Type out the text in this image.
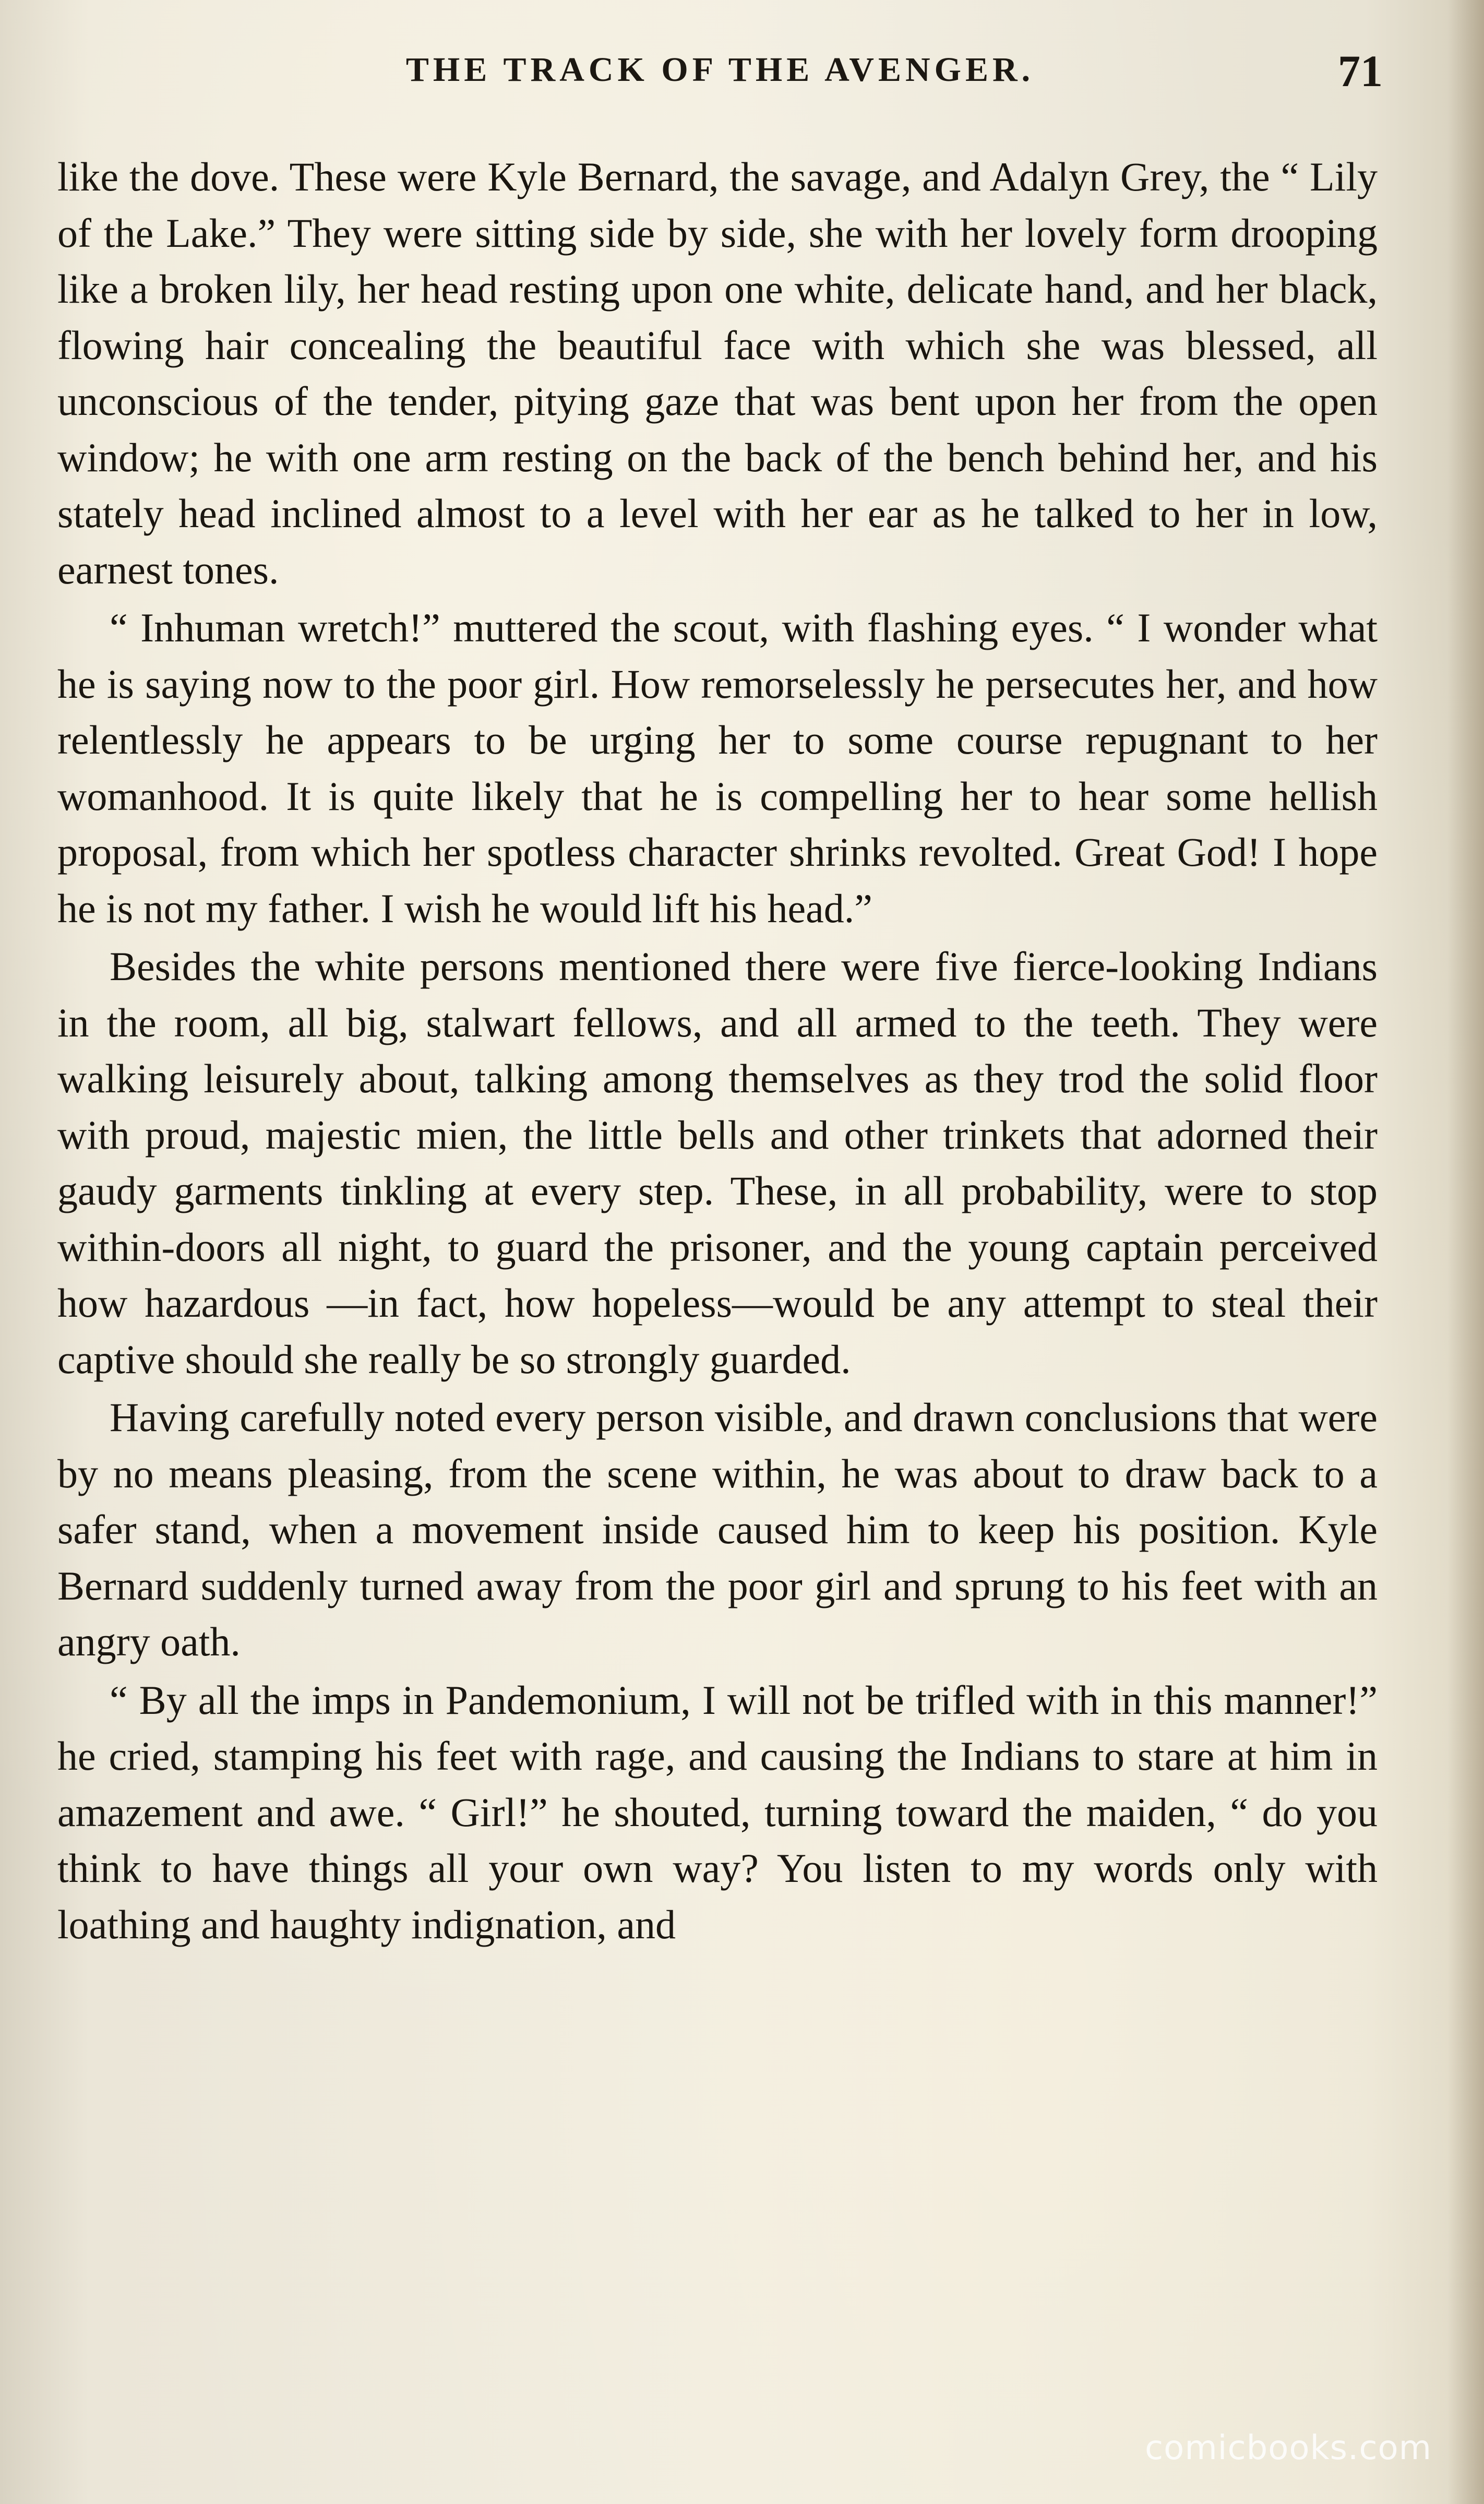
THE TRACK OF THE AVENGER.	71

like the dove. These were Kyle Bernard, the savage, and Adalyn Grey, the “ Lily of the Lake.” They were sitting side by side, she with her lovely form drooping like a broken lily, her head resting upon one white, delicate hand, and her black, flowing hair concealing the beautiful face with which she was blessed, all unconscious of the tender, pitying gaze that was bent upon her from the open window; he with one arm resting on the back of the bench behind her, and his stately head inclined almost to a level with her ear as he talked to her in low, earnest tones.

“ Inhuman wretch!” muttered the scout, with flashing eyes. “ I wonder what he is saying now to the poor girl. How remorselessly he persecutes her, and how relentlessly he appears to be urging her to some course repugnant to her womanhood. It is quite likely that he is compelling her to hear some hellish proposal, from which her spotless character shrinks revolted. Great God! I hope he is not my father. I wish he would lift his head.”

Besides the white persons mentioned there were five fierce-looking Indians in the room, all big, stalwart fellows, and all armed to the teeth. They were walking leisurely about, talking among themselves as they trod the solid floor with proud, majestic mien, the little bells and other trinkets that adorned their gaudy garments tinkling at every step. These, in all probability, were to stop within-doors all night, to guard the prisoner, and the young captain perceived how hazardous —in fact, how hopeless—would be any attempt to steal their captive should she really be so strongly guarded.

Having carefully noted every person visible, and drawn conclusions that were by no means pleasing, from the scene within, he was about to draw back to a safer stand, when a movement inside caused him to keep his position. Kyle Bernard suddenly turned away from the poor girl and sprung to his feet with an angry oath.

“ By all the imps in Pandemonium, I will not be trifled with in this manner!” he cried, stamping his feet with rage, and causing the Indians to stare at him in amazement and awe. “ Girl!” he shouted, turning toward the maiden, “ do you think to have things all your own way? You listen to my words only with loathing and haughty indignation, and

comicbooks.com
